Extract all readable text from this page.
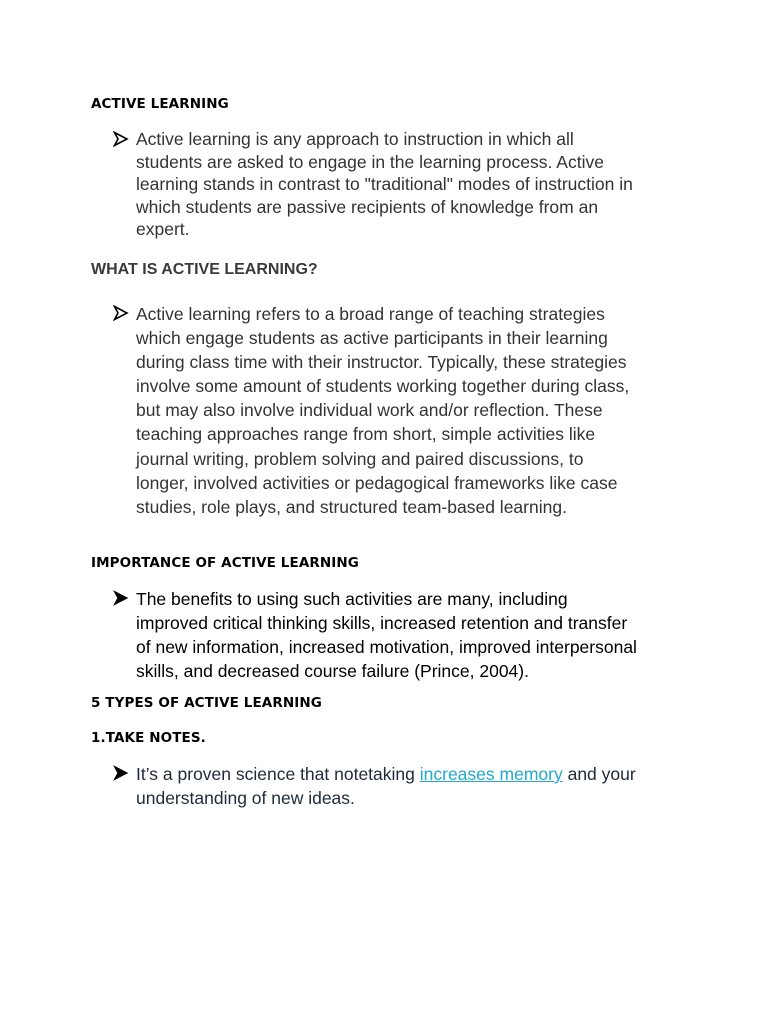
ACTIVE LEARNING
Active learning is any approach to instruction in which all
students are asked to engage in the learning process. Active
learning stands in contrast to "traditional" modes of instruction in
which students are passive recipients of knowledge from an
expert.
WHAT IS ACTIVE LEARNING?
Active learning refers to a broad range of teaching strategies
which engage students as active participants in their learning
during class time with their instructor. Typically, these strategies
involve some amount of students working together during class,
but may also involve individual work and/or reflection. These
teaching approaches range from short, simple activities like
journal writing, problem solving and paired discussions, to
longer, involved activities or pedagogical frameworks like case
studies, role plays, and structured team-based learning.
IMPORTANCE OF ACTIVE LEARNING
The benefits to using such activities are many, including
improved critical thinking skills, increased retention and transfer
of new information, increased motivation, improved interpersonal
skills, and decreased course failure (Prince, 2004).
5 TYPES OF ACTIVE LEARNING
1.TAKE NOTES.
It’s a proven science that notetaking increases memory and your
understanding of new ideas.
